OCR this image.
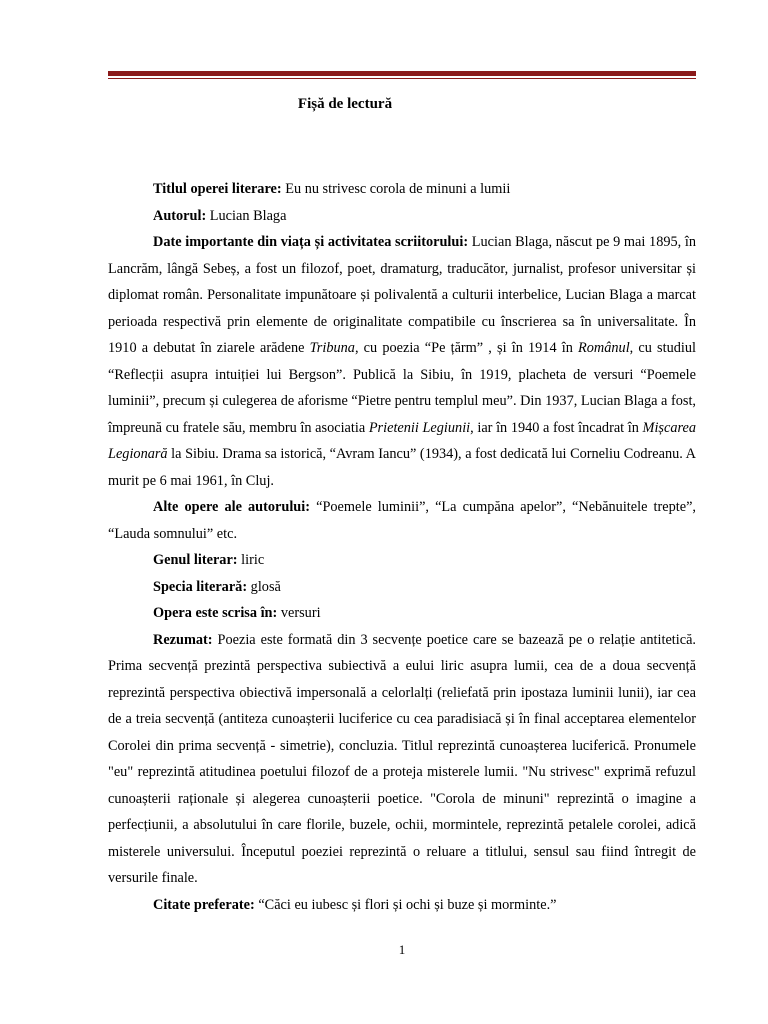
Fișă de lectură

Titlul operei literare: Eu nu strivesc corola de minuni a lumii

Autorul: Lucian Blaga

Date importante din viața și activitatea scriitorului: Lucian Blaga, născut pe 9 mai 1895, în Lancrăm, lângă Sebeș, a fost un filozof, poet, dramaturg, traducător, jurnalist, profesor universitar și diplomat român. Personalitate impunătoare și polivalentă a culturii interbelice, Lucian Blaga a marcat perioada respectivă prin elemente de originalitate compatibile cu înscrierea sa în universalitate. În 1910 a debutat în ziarele arădene Tribuna, cu poezia “Pe țărm” , și în 1914 în Românul, cu studiul “Reflecții asupra intuiției lui Bergson”. Publică la Sibiu, în 1919, placheta de versuri “Poemele luminii”, precum și culegerea de aforisme “Pietre pentru templul meu”. Din 1937, Lucian Blaga a fost, împreună cu fratele său, membru în asociatia Prietenii Legiunii, iar în 1940 a fost încadrat în Mișcarea Legionară la Sibiu. Drama sa istorică, “Avram Iancu” (1934), a fost dedicată lui Corneliu Codreanu. A murit pe 6 mai 1961, în Cluj.

Alte opere ale autorului: “Poemele luminii”, “La cumpăna apelor”, “Nebănuitele trepte”, “Lauda somnului” etc.

Genul literar: liric

Specia literară: glosă

Opera este scrisa în: versuri

Rezumat: Poezia este formată din 3 secvențe poetice care se bazează pe o relație antitetică. Prima secvență prezintă perspectiva subiectivă a eului liric asupra lumii, cea de a doua secvență reprezintă perspectiva obiectivă impersonală a celorlalți (reliefată prin ipostaza luminii lunii), iar cea de a treia secvență (antiteza cunoașterii luciferice cu cea paradisiacă și în final acceptarea elementelor Corolei din prima secvență - simetrie), concluzia. Titlul reprezintă cunoașterea luciferică. Pronumele "eu" reprezintă atitudinea poetului filozof de a proteja misterele lumii. "Nu strivesc" exprimă refuzul cunoașterii raționale și alegerea cunoașterii poetice. "Corola de minuni" reprezintă o imagine a perfecțiunii, a absolutului în care florile, buzele, ochii, mormintele, reprezintă petalele corolei, adică misterele universului. Începutul poeziei reprezintă o reluare a titlului, sensul sau fiind întregit de versurile finale.

Citate preferate: “Căci eu iubesc și flori și ochi și buze și morminte.”

1
